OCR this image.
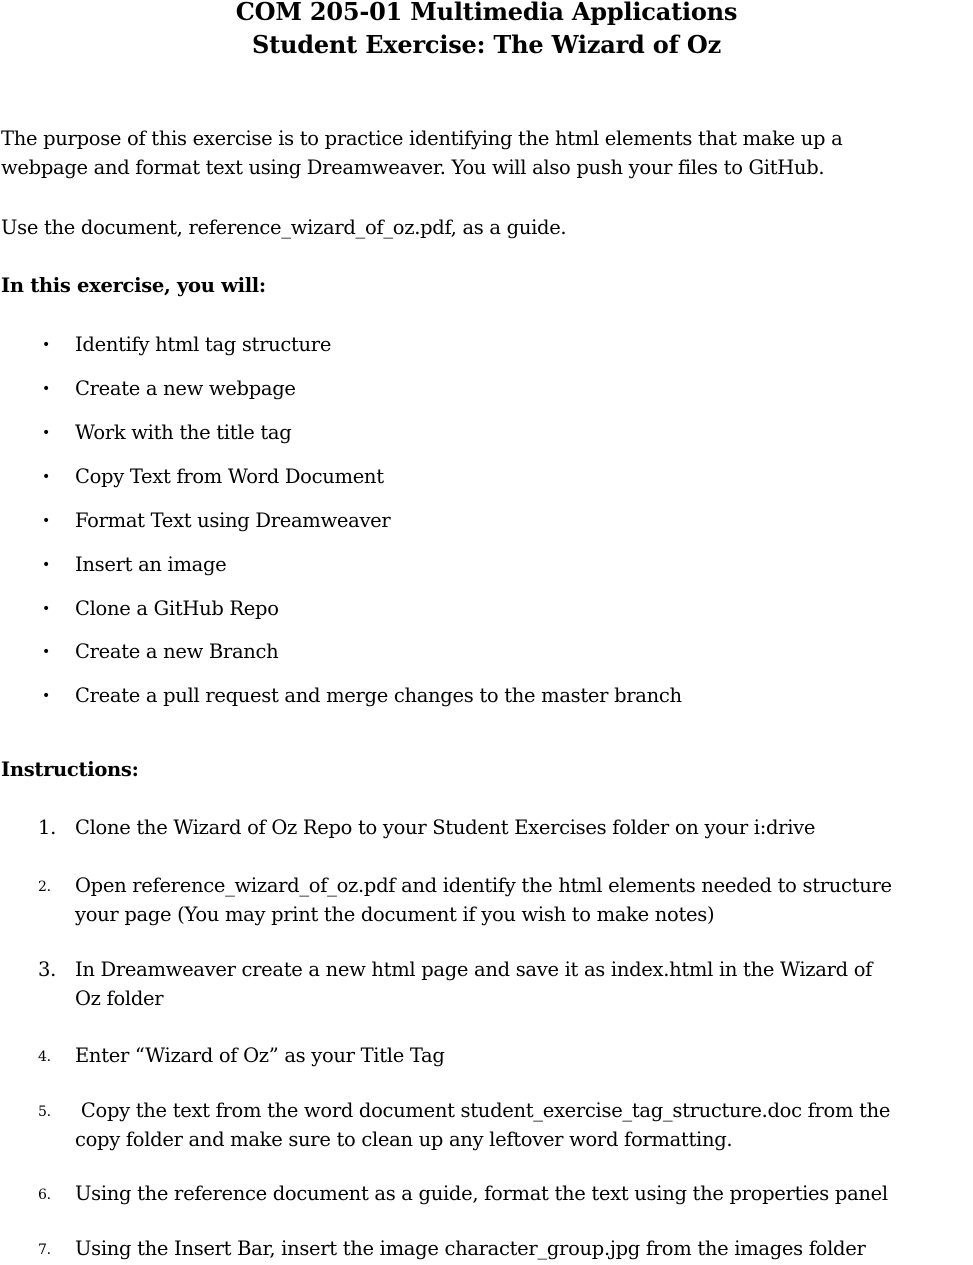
COM 205-01 Multimedia Applications
Student Exercise: The Wizard of Oz
The purpose of this exercise is to practice identifying the html elements that make up a
webpage and format text using Dreamweaver. You will also push your files to GitHub.
Use the document, reference_wizard_of_oz.pdf, as a guide.
In this exercise, you will:
• Identify html tag structure
• Create a new webpage
• Work with the title tag
• Copy Text from Word Document
• Format Text using Dreamweaver
• Insert an image
• Clone a GitHub Repo
• Create a new Branch
• Create a pull request and merge changes to the master branch
Instructions:
1. Clone the Wizard of Oz Repo to your Student Exercises folder on your i:drive
2. Open reference_wizard_of_oz.pdf and identify the html elements needed to structure
your page (You may print the document if you wish to make notes)
3. In Dreamweaver create a new html page and save it as index.html in the Wizard of
Oz folder
4. Enter “Wizard of Oz” as your Title Tag
5. Copy the text from the word document student_exercise_tag_structure.doc from the
copy folder and make sure to clean up any leftover word formatting.
6. Using the reference document as a guide, format the text using the properties panel
7. Using the Insert Bar, insert the image character_group.jpg from the images folder
